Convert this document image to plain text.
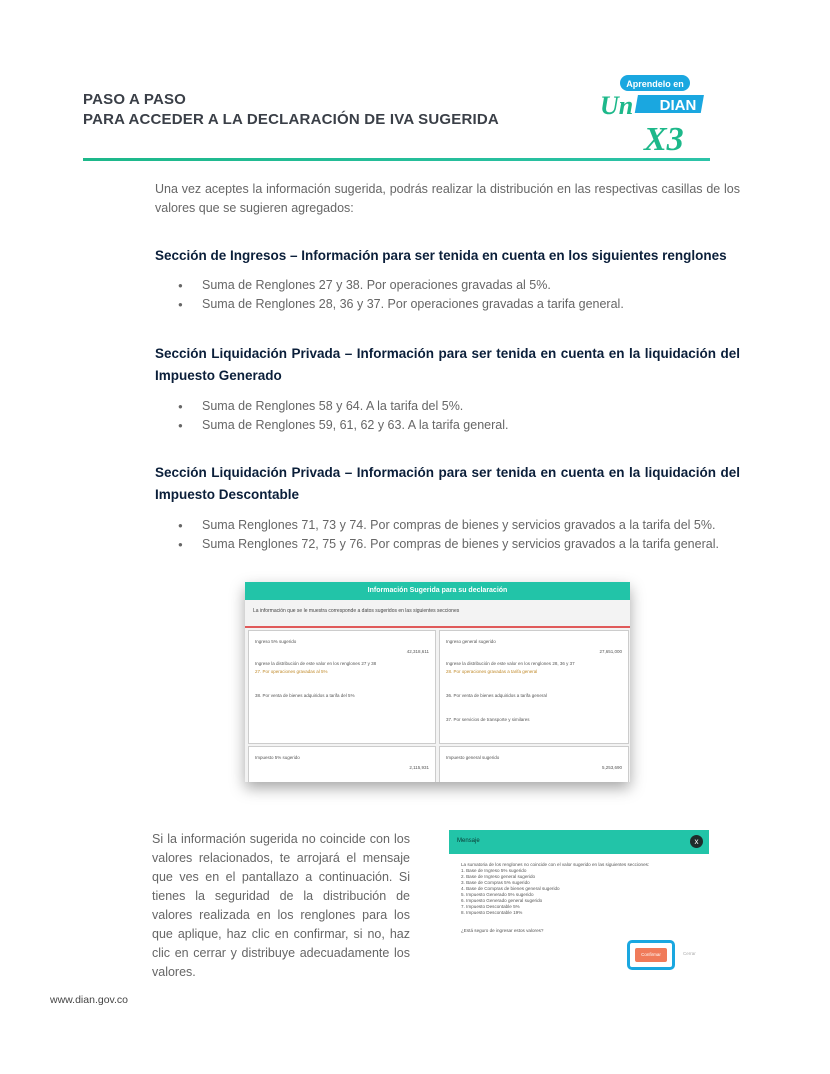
PASO A PASO
PARA ACCEDER A LA DECLARACIÓN DE IVA SUGERIDA
Aprendelo en
Un DIAN
X3
Una vez aceptes la información sugerida, podrás realizar la distribución en las respectivas casillas de los valores que se sugieren agregados:
Sección de Ingresos – Información para ser tenida en cuenta en los siguientes renglones
● Suma de Renglones 27 y 38. Por operaciones gravadas al 5%.
● Suma de Renglones 28, 36 y 37. Por operaciones gravadas a tarifa general.
Sección Liquidación Privada – Información para ser tenida en cuenta en la liquidación del Impuesto Generado
● Suma de Renglones 58 y 64. A la tarifa del 5%.
● Suma de Renglones 59, 61, 62 y 63. A la tarifa general.
Sección Liquidación Privada – Información para ser tenida en cuenta en la liquidación del Impuesto Descontable
● Suma Renglones 71, 73 y 74. Por compras de bienes y servicios gravados a la tarifa del 5%.
● Suma Renglones 72, 75 y 76. Por compras de bienes y servicios gravados a la tarifa general.
Información Sugerida para su declaración
La información que se le muestra corresponde a datos sugeridos en las siguientes secciones
Ingreso 5% sugerido
42,318,611
Ingrese la distribución de este valor en los renglones 27 y 38
27. Por operaciones gravadas al 5%
38. Por venta de bienes adquiridos a tarifa del 5%
Ingreso general sugerido
27,651,000
Ingrese la distribución de este valor en los renglones 28, 36 y 37
28. Por operaciones gravadas a tarifa general
36. Por venta de bienes adquiridos a tarifa general
37. Por servicios de transporte y similares
Impuesto 5% sugerido
2,115,931
Impuesto general sugerido
5,253,690
Si la información sugerida no coincide con los valores relacionados, te arrojará el mensaje que ves en el pantallazo a continuación. Si tienes la seguridad de la distribución de valores realizada en los renglones para los que aplique, haz clic en confirmar, si no, haz clic en cerrar y distribuye adecuadamente los valores.
Mensaje	x
La sumatoria de los renglones no coincide con el valor sugerido en las siguientes secciones:
1. Base de Ingreso 5% sugerido
2. Base de Ingreso general sugerido
3. Base de Compras 5% sugerido
4. Base de Compras de bienes general sugerido
5. Impuesto Generado 5% sugerido
6. Impuesto Generado general sugerido
7. Impuesto Descontable 5%
8. Impuesto Descontable 19%
¿Está seguro de ingresar estos valores?
Confirmar	Cerrar
www.dian.gov.co
